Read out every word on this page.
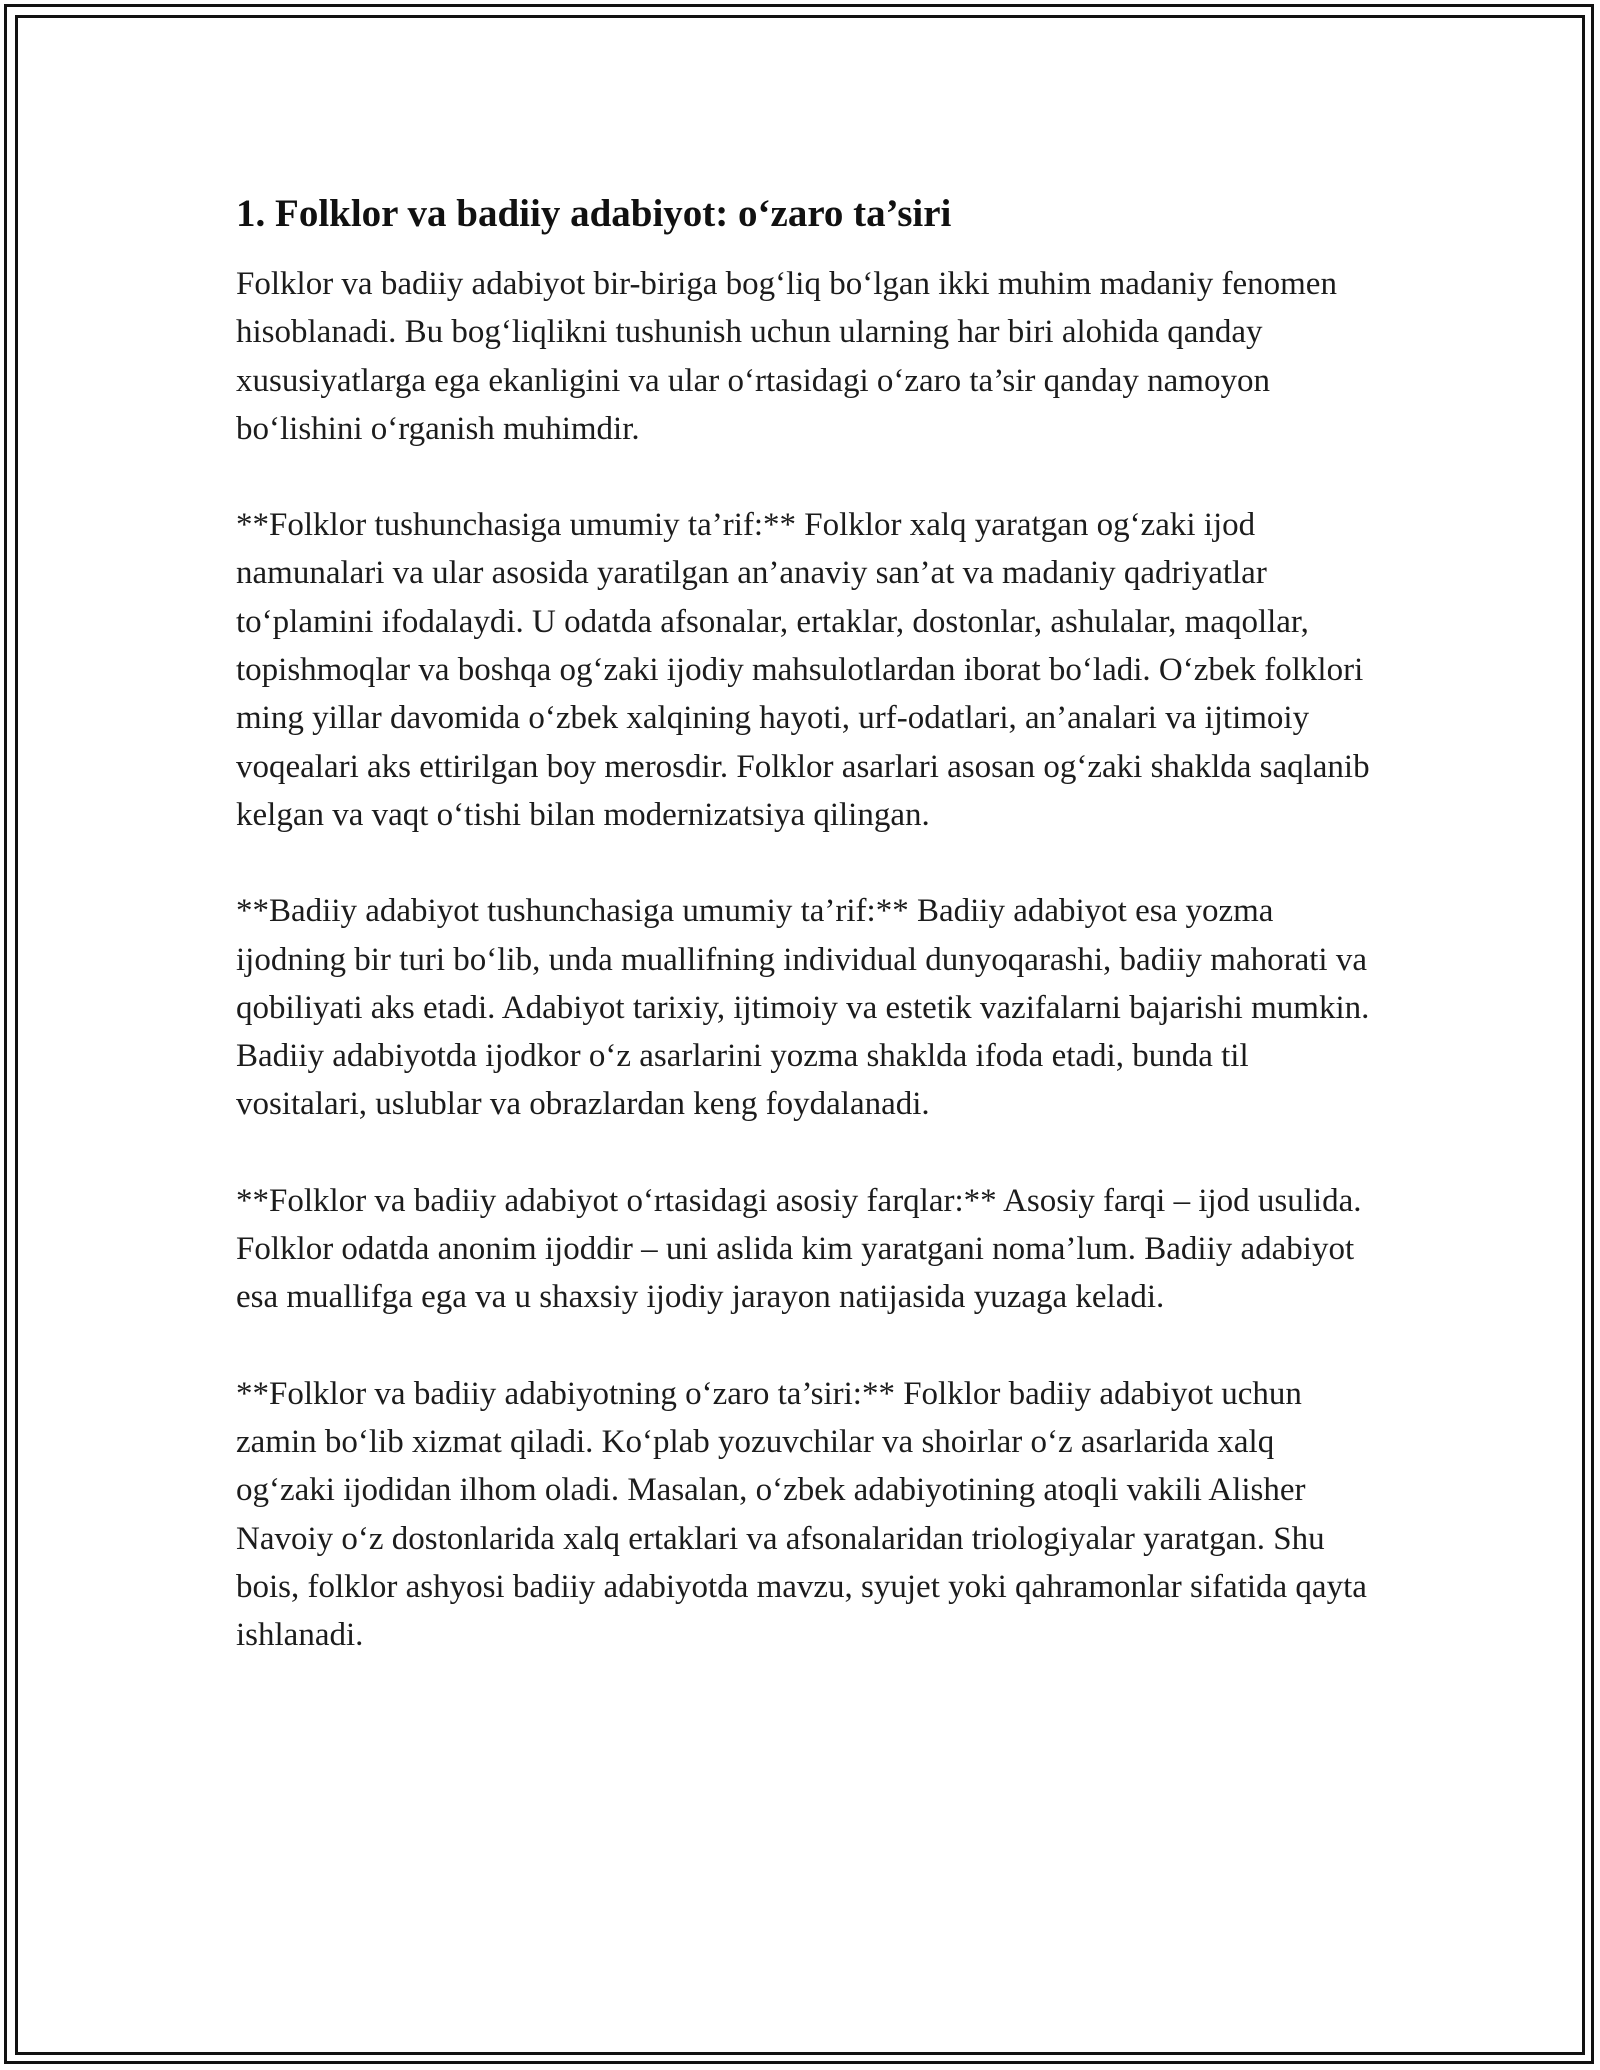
1. Folklor va badiiy adabiyot: o‘zaro ta’siri

Folklor va badiiy adabiyot bir-biriga bog‘liq bo‘lgan ikki muhim madaniy fenomen hisoblanadi. Bu bog‘liqlikni tushunish uchun ularning har biri alohida qanday xususiyatlarga ega ekanligini va ular o‘rtasidagi o‘zaro ta’sir qanday namoyon bo‘lishini o‘rganish muhimdir.

**Folklor tushunchasiga umumiy ta’rif:** Folklor xalq yaratgan og‘zaki ijod namunalari va ular asosida yaratilgan an’anaviy san’at va madaniy qadriyatlar to‘plamini ifodalaydi. U odatda afsonalar, ertaklar, dostonlar, ashulalar, maqollar, topishmoqlar va boshqa og‘zaki ijodiy mahsulotlardan iborat bo‘ladi. O‘zbek folklori ming yillar davomida o‘zbek xalqining hayoti, urf-odatlari, an’analari va ijtimoiy voqealari aks ettirilgan boy merosdir. Folklor asarlari asosan og‘zaki shaklda saqlanib kelgan va vaqt o‘tishi bilan modernizatsiya qilingan.

**Badiiy adabiyot tushunchasiga umumiy ta’rif:** Badiiy adabiyot esa yozma ijodning bir turi bo‘lib, unda muallifning individual dunyoqarashi, badiiy mahorati va qobiliyati aks etadi. Adabiyot tarixiy, ijtimoiy va estetik vazifalarni bajarishi mumkin. Badiiy adabiyotda ijodkor o‘z asarlarini yozma shaklda ifoda etadi, bunda til vositalari, uslublar va obrazlardan keng foydalanadi.

**Folklor va badiiy adabiyot o‘rtasidagi asosiy farqlar:** Asosiy farqi – ijod usulida. Folklor odatda anonim ijoddir – uni aslida kim yaratgani noma’lum. Badiiy adabiyot esa muallifga ega va u shaxsiy ijodiy jarayon natijasida yuzaga keladi.

**Folklor va badiiy adabiyotning o‘zaro ta’siri:** Folklor badiiy adabiyot uchun zamin bo‘lib xizmat qiladi. Ko‘plab yozuvchilar va shoirlar o‘z asarlarida xalq og‘zaki ijodidan ilhom oladi. Masalan, o‘zbek adabiyotining atoqli vakili Alisher Navoiy o‘z dostonlarida xalq ertaklari va afsonalaridan triologiyalar yaratgan. Shu bois, folklor ashyosi badiiy adabiyotda mavzu, syujet yoki qahramonlar sifatida qayta ishlanadi.
